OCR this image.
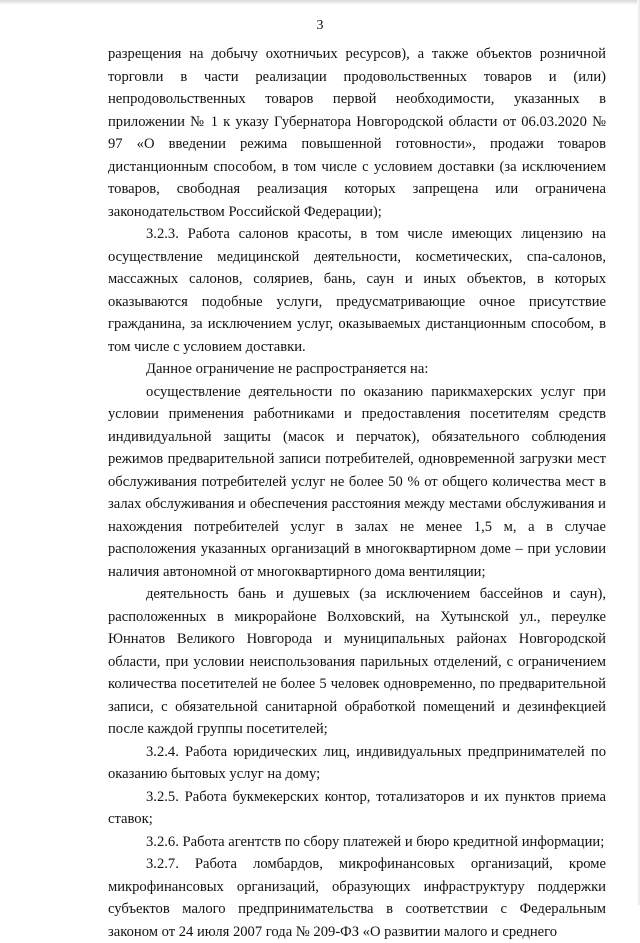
3

разрещения на добычу охотничьих ресурсов), а также объектов розничной торговли в части реализации продовольственных товаров и (или) непродовольственных товаров первой необходимости, указанных в приложении № 1 к указу Губернатора Новгородской области от 06.03.2020 № 97 «О введении режима повышенной готовности», продажи товаров дистанционным способом, в том числе с условием доставки (за исключением товаров, свободная реализация которых запрещена или ограничена законодательством Российской Федерации);

3.2.3. Работа салонов красоты, в том числе имеющих лицензию на осуществление медицинской деятельности, косметических, спа-салонов, массажных салонов, соляриев, бань, саун и иных объектов, в которых оказываются подобные услуги, предусматривающие очное присутствие гражданина, за исключением услуг, оказываемых дистанционным способом, в том числе с условием доставки.

Данное ограничение не распространяется на:

осуществление деятельности по оказанию парикмахерских услуг при условии применения работниками и предоставления посетителям средств индивидуальной защиты (масок и перчаток), обязательного соблюдения режимов предварительной записи потребителей, одновременной загрузки мест обслуживания потребителей услуг не более 50 % от общего количества мест в залах обслуживания и обеспечения расстояния между местами обслуживания и нахождения потребителей услуг в залах не менее 1,5 м, а в случае расположения указанных организаций в многоквартирном доме – при условии наличия автономной от многоквартирного дома вентиляции;

деятельность бань и душевых (за исключением бассейнов и саун), расположенных в микрорайоне Волховский, на Хутынской ул., переулке Юннатов Великого Новгорода и муниципальных районах Новгородской области, при условии неиспользования парильных отделений, с ограничением количества посетителей не более 5 человек одновременно, по предварительной записи, с обязательной санитарной обработкой помещений и дезинфекцией после каждой группы посетителей;

3.2.4. Работа юридических лиц, индивидуальных предпринимателей по оказанию бытовых услуг на дому;

3.2.5. Работа букмекерских контор, тотализаторов и их пунктов приема ставок;

3.2.6. Работа агентств по сбору платежей и бюро кредитной информации;

3.2.7. Работа ломбардов, микрофинансовых организаций, кроме микрофинансовых организаций, образующих инфраструктуру поддержки субъектов малого предпринимательства в соответствии с Федеральным законом от 24 июля 2007 года № 209-ФЗ «О развитии малого и среднего
